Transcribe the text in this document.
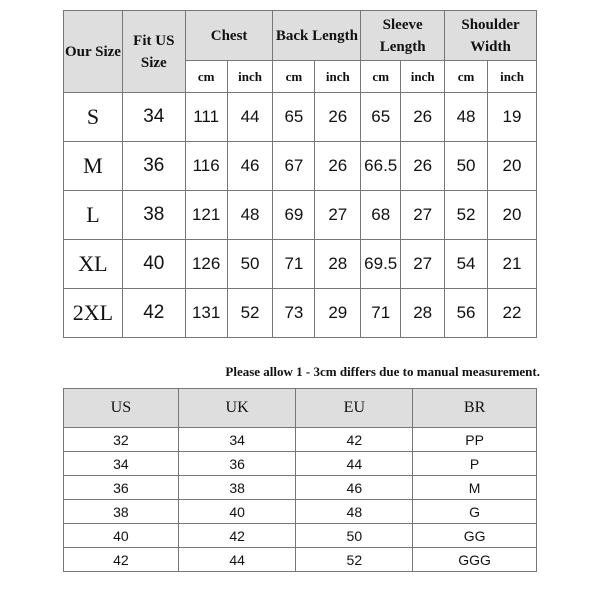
Our Size	Fit US Size	Chest		Back Length		Sleeve Length		Shoulder Width	
		cm	inch	cm	inch	cm	inch	cm	inch
S	34	111	44	65	26	65	26	48	19
M	36	116	46	67	26	66.5	26	50	20
L	38	121	48	69	27	68	27	52	20
XL	40	126	50	71	28	69.5	27	54	21
2XL	42	131	52	73	29	71	28	56	22
Please allow 1 - 3cm differs due to manual measurement.
US	UK	EU	BR
32	34	42	PP
34	36	44	P
36	38	46	M
38	40	48	G
40	42	50	GG
42	44	52	GGG
